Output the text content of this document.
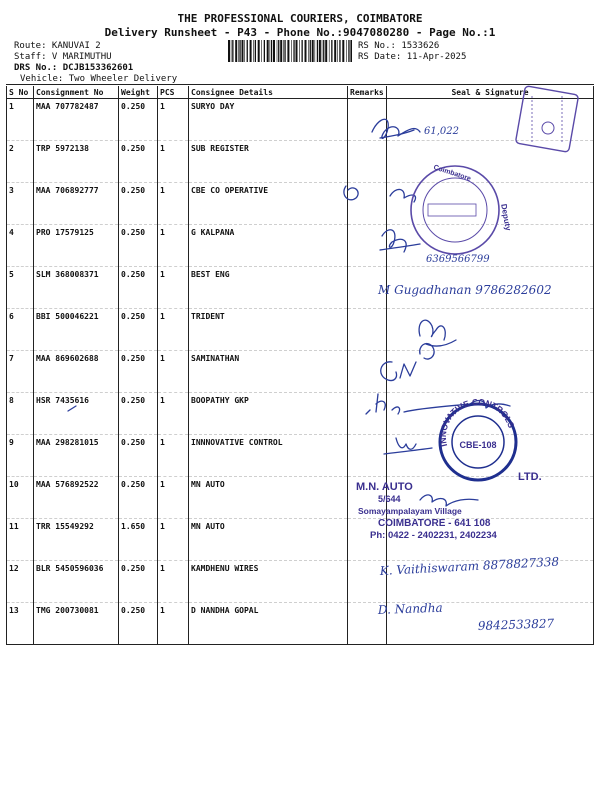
THE PROFESSIONAL COURIERS, COIMBATORE
Delivery Runsheet - P43 - Phone No.:9047080280 - Page No.:1
Route: KANUVAI 2
Staff: V MARIMUTHU
DRS No.: DCJB153362601
Vehicle: Two Wheeler Delivery
RS No.: 1533626
RS Date: 11-Apr-2025
S No	Consignment No	Weight	PCS	Consignee Details	Remarks	Seal & Signature
1	MAA 707782487	0.250	1	SURYO DAY		
2	TRP 5972138	0.250	1	SUB REGISTER		
3	MAA 706892777	0.250	1	CBE CO OPERATIVE		
4	PRO 17579125	0.250	1	G KALPANA		
5	SLM 368008371	0.250	1	BEST ENG		
6	BBI 500046221	0.250	1	TRIDENT		
7	MAA 869602688	0.250	1	SAMINATHAN		
8	HSR 7435616	0.250	1	BOOPATHY GKP		
9	MAA 298281015	0.250	1	INNNOVATIVE CONTROL		
10	MAA 576892522	0.250	1	MN AUTO		
11	TRR 15549292	1.650	1	MN AUTO		
12	BLR 5450596036	0.250	1	KAMDHENU WIRES		
13	TMG 200730081	0.250	1	D NANDHA GOPAL		
61,022
Coimbatore
Deputy
6369566799
M Gugadhanan 9786282602
INNOVATIVE CONTROLS
CBE-108
M.N. AUTO
LTD.
5/644
Somayampalayam Village
COIMBATORE - 641 108
Ph: 0422 - 2402231, 2402234
K. Vaithiswaram 8878827338
D. Nandha
9842533827
